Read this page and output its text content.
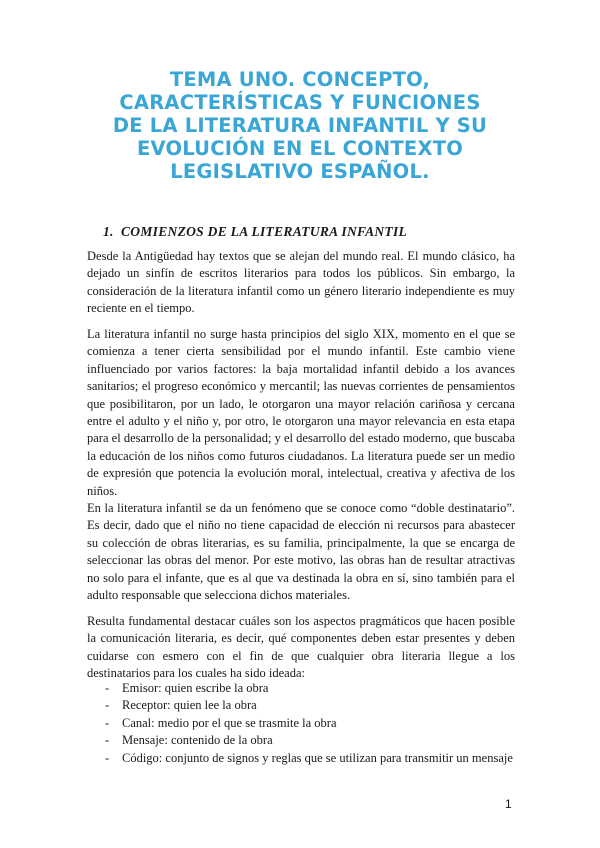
TEMA UNO. CONCEPTO,
CARACTERÍSTICAS Y FUNCIONES
DE LA LITERATURA INFANTIL Y SU
EVOLUCIÓN EN EL CONTEXTO
LEGISLATIVO ESPAÑOL.
1. COMIENZOS DE LA LITERATURA INFANTIL

Desde la Antigüedad hay textos que se alejan del mundo real. El mundo clásico, ha dejado un sinfín de escritos literarios para todos los públicos. Sin embargo, la consideración de la literatura infantil como un género literario independiente es muy reciente en el tiempo.

La literatura infantil no surge hasta principios del siglo XIX, momento en el que se comienza a tener cierta sensibilidad por el mundo infantil. Este cambio viene influenciado por varios factores: la baja mortalidad infantil debido a los avances sanitarios; el progreso económico y mercantil; las nuevas corrientes de pensamientos que posibilitaron, por un lado, le otorgaron una mayor relación cariñosa y cercana entre el adulto y el niño y, por otro, le otorgaron una mayor relevancia en esta etapa para el desarrollo de la personalidad; y el desarrollo del estado moderno, que buscaba la educación de los niños como futuros ciudadanos. La literatura puede ser un medio de expresión que potencia la evolución moral, intelectual, creativa y afectiva de los niños.

En la literatura infantil se da un fenómeno que se conoce como “doble destinatario”. Es decir, dado que el niño no tiene capacidad de elección ni recursos para abastecer su colección de obras literarias, es su familia, principalmente, la que se encarga de seleccionar las obras del menor. Por este motivo, las obras han de resultar atractivas no solo para el infante, que es al que va destinada la obra en sí, sino también para el adulto responsable que selecciona dichos materiales.

Resulta fundamental destacar cuáles son los aspectos pragmáticos que hacen posible la comunicación literaria, es decir, qué componentes deben estar presentes y deben cuidarse con esmero con el fin de que cualquier obra literaria llegue a los destinatarios para los cuales ha sido ideada:

- Emisor: quien escribe la obra
- Receptor: quien lee la obra
- Canal: medio por el que se trasmite la obra
- Mensaje: contenido de la obra
- Código: conjunto de signos y reglas que se utilizan para transmitir un mensaje
1
